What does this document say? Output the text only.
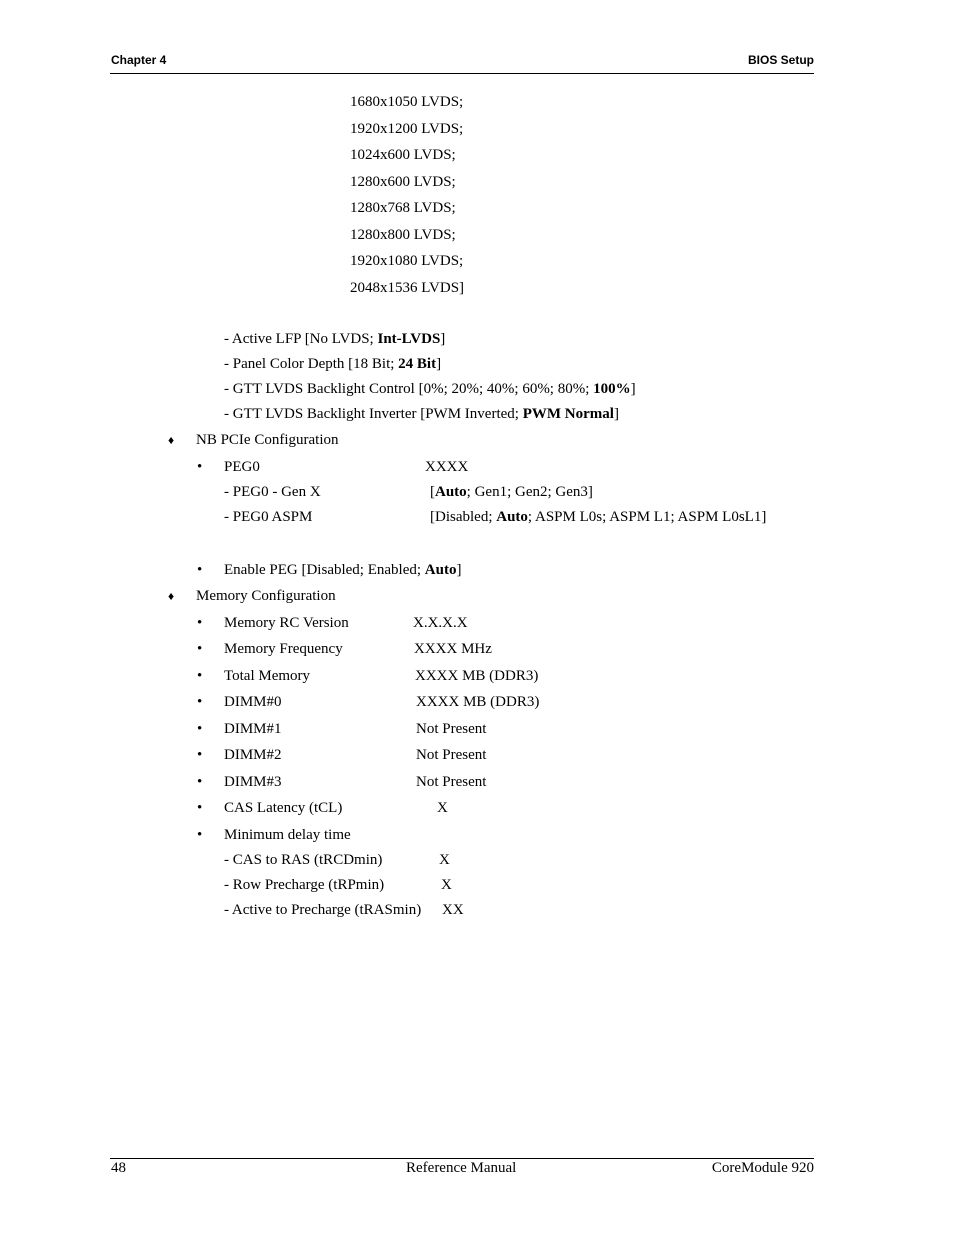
Chapter 4	BIOS Setup
1680x1050 LVDS;
1920x1200 LVDS;
1024x600 LVDS;
1280x600 LVDS;
1280x768 LVDS;
1280x800 LVDS;
1920x1080 LVDS;
2048x1536 LVDS]
- Active LFP [No LVDS; Int-LVDS]
- Panel Color Depth [18 Bit; 24 Bit]
- GTT LVDS Backlight Control [0%; 20%; 40%; 60%; 80%; 100%]
- GTT LVDS Backlight Inverter [PWM Inverted; PWM Normal]
♦ NB PCIe Configuration
• PEG0	XXXX
- PEG0 - Gen X	[Auto; Gen1; Gen2; Gen3]
- PEG0 ASPM	[Disabled; Auto; ASPM L0s; ASPM L1; ASPM L0sL1]
• Enable PEG [Disabled; Enabled; Auto]
♦ Memory Configuration
• Memory RC Version	X.X.X.X
• Memory Frequency	XXXX MHz
• Total Memory	XXXX MB (DDR3)
• DIMM#0	XXXX MB (DDR3)
• DIMM#1	Not Present
• DIMM#2	Not Present
• DIMM#3	Not Present
• CAS Latency (tCL)	X
• Minimum delay time
- CAS to RAS (tRCDmin)	X
- Row Precharge (tRPmin)	X
- Active to Precharge (tRASmin) XX
48	Reference Manual	CoreModule 920
